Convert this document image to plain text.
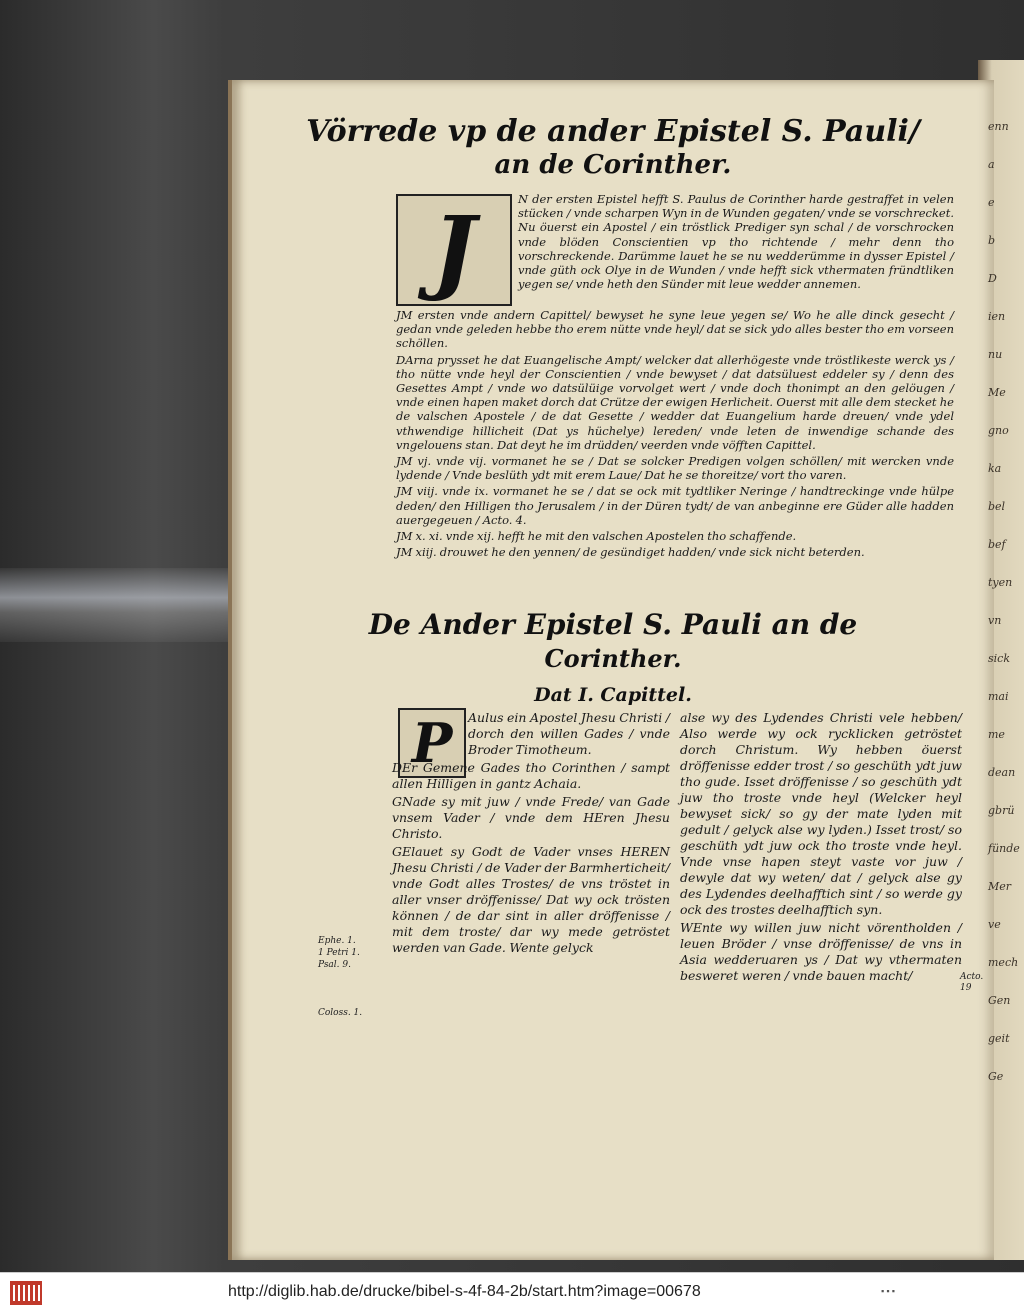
Vörrede vp de ander Epistel S. Pauli/
an de Corinther.
J	N der ersten Epistel hefft S. Paulus de Corinther harde gestraffet in velen stücken / vnde scharpen Wyn in de Wunden gegaten/ vnde se vorschrecket. Nu öuerst ein Apostel / ein tröstlick Prediger syn schal / de vorschrocken vnde blöden Conscientien vp tho richtende / mehr denn tho vorschreckende. Darümme lauet he se nu wedderümme in dysser Epistel / vnde güth ock Olye in de Wunden / vnde hefft sick vthermaten fründtliken yegen se/ vnde heth den Sünder mit leue wedder annemen.

JM ersten vnde andern Capittel/ bewyset he syne leue yegen se/ Wo he alle dinck gesecht / gedan vnde geleden hebbe tho erem nütte vnde heyl/ dat se sick ydo alles bester tho em vorseen schöllen.

DArna prysset he dat Euangelische Ampt/ welcker dat allerhögeste vnde tröstlikeste werck ys / tho nütte vnde heyl der Conscientien / vnde bewyset / dat datsüluest eddeler sy / denn des Gesettes Ampt / vnde wo datsülüige vorvolget wert / vnde doch thonimpt an den gelöugen / vnde einen hapen maket dorch dat Crütze der ewigen Herlicheit. Ouerst mit alle dem stecket he de valschen Apostele / de dat Gesette / wedder dat Euangelium harde dreuen/ vnde ydel vthwendige hillicheit (Dat ys hüchelye) lereden/ vnde leten de inwendige schande des vngelouens stan. Dat deyt he im drüdden/ veerden vnde vöfften Capittel.

JM vj. vnde vij. vormanet he se / Dat se solcker Predigen volgen schöllen/ mit wercken vnde lydende / Vnde beslüth ydt mit erem Laue/ Dat he se thoreitze/ vort tho varen.

JM viij. vnde ix. vormanet he se / dat se ock mit tydtliker Neringe / handtreckinge vnde hülpe deden/ den Hilligen tho Jerusalem / in der Düren tydt/ de van anbeginne ere Güder alle hadden auergegeuen / Acto. 4.

JM x. xi. vnde xij. hefft he mit den valschen Apostelen tho schaffende.

JM xiij. drouwet he den yennen/ de gesündiget hadden/ vnde sick nicht beterden.

De Ander Epistel S. Pauli an de
Corinther.
Dat I. Capittel.
P	Aulus ein Apostel Jhesu Christi / dorch den willen Gades / vnde Broder Timotheum.

DEr Gemene Gades tho Corinthen / sampt allen Hilligen in gantz Achaia.

GNade sy mit juw / vnde Frede/ van Gade vnsem Vader / vnde dem HEren Jhesu Christo.

GElauet sy Godt de Vader vnses HEREN Jhesu Christi / de Vader der Barmherticheit/ vnde Godt alles Trostes/ de vns tröstet in aller vnser dröffenisse/ Dat wy ock trösten können / de dar sint in aller dröffenisse / mit dem troste/ dar wy mede getröstet werden van Gade. Wente gelyck

alse wy des Lydendes Christi vele hebben/ Also werde wy ock rycklicken getröstet dorch Christum. Wy hebben öuerst dröffenisse edder trost / so geschüth ydt juw tho gude. Isset dröffenisse / so geschüth ydt juw tho troste vnde heyl (Welcker heyl bewyset sick/ so gy der mate lyden mit gedult / gelyck alse wy lyden.) Isset trost/ so geschüth ydt juw ock tho troste vnde heyl. Vnde vnse hapen steyt vaste vor juw / dewyle dat wy weten/ dat / gelyck alse gy des Lydendes deelhafftich sint / so werde gy ock des trostes deelhafftich syn.

WEnte wy willen juw nicht vörentholden / leuen Bröder / vnse dröffenisse/ de vns in Asia wedderuaren ys / Dat wy vthermaten besweret weren / vnde bauen macht/

Ephe. 1.
1 Petri 1.
Psal. 9.
Coloss. 1.
Acto. 19
enn
a
e
b
D
ien
nu
Me
gno
ka
bel
bef
tyen
vn
sick
mai
me
dean
gbrü
fünde
Mer
ve
mech
Gen
geit
Ge
http://diglib.hab.de/drucke/bibel-s-4f-84-2b/start.htm?image=00678	▪▪▪
